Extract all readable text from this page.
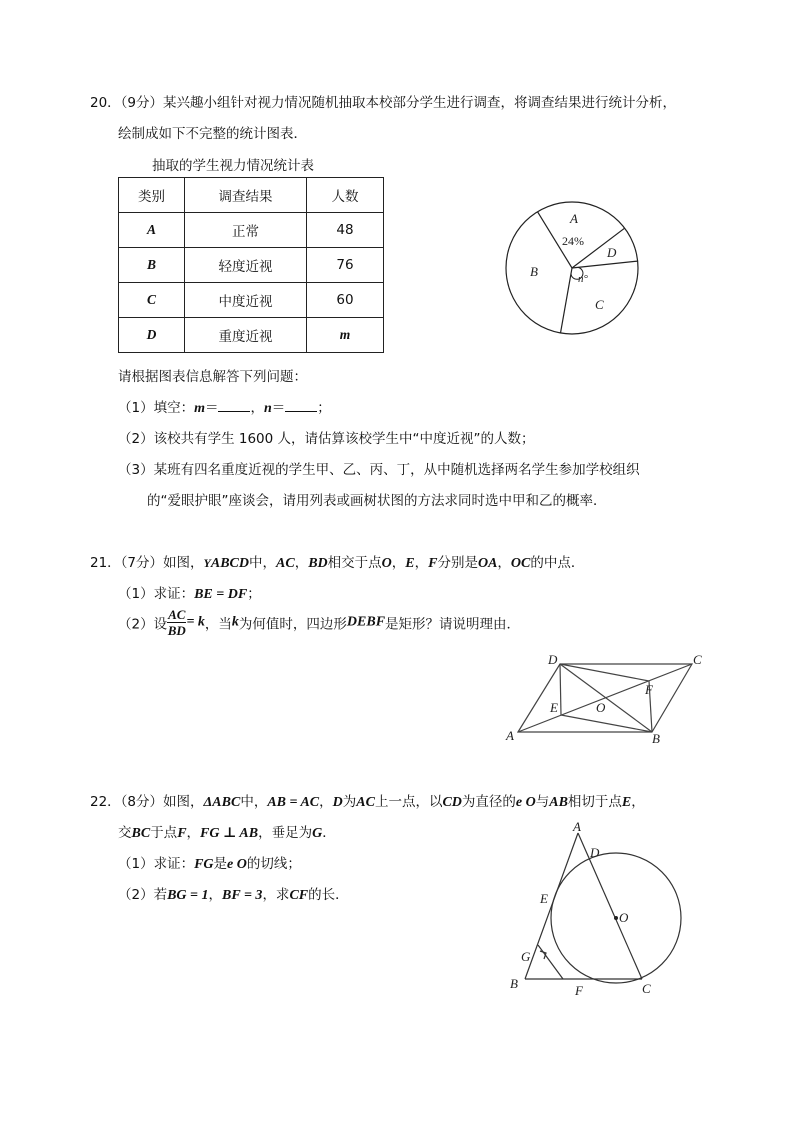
20．（9分）某兴趣小组针对视力情况随机抽取本校部分学生进行调查，将调查结果进行统计分析，
绘制成如下不完整的统计图表．
抽取的学生视力情况统计表
类别	调查结果	人数
A	正常	48
B	轻度近视	76
C	中度近视	60
D	重度近视	m
A
24%
D
B
C
n°
请根据图表信息解答下列问题：
（1）填空：m＝ ，n＝ ；
（2）该校共有学生 1600 人，请估算该校学生中“中度近视”的人数；
（3）某班有四名重度近视的学生甲、乙、丙、丁，从中随机选择两名学生参加学校组织
的“爱眼护眼”座谈会，请用列表或画树状图的方法求同时选中甲和乙的概率．
21．（7分）如图，YABCD中，AC，BD相交于点O，E，F分别是OA，OC的中点．
（1）求证：BE = DF；
（2）设 $\frac{AC}{BD} = k$，当k为何值时，四边形DEBF是矩形？请说明理由．
A	B
C
D
E
F
O
22．（8分）如图，ΔABC中，AB = AC，D为AC上一点，以CD为直径的e O与AB相切于点E，
交BC于点F，FG ⊥ AB，垂足为G．
（1）求证：FG是e O的切线；
（2）若BG = 1，BF = 3，求CF的长．
A
B	C
D
E
F
G
O
